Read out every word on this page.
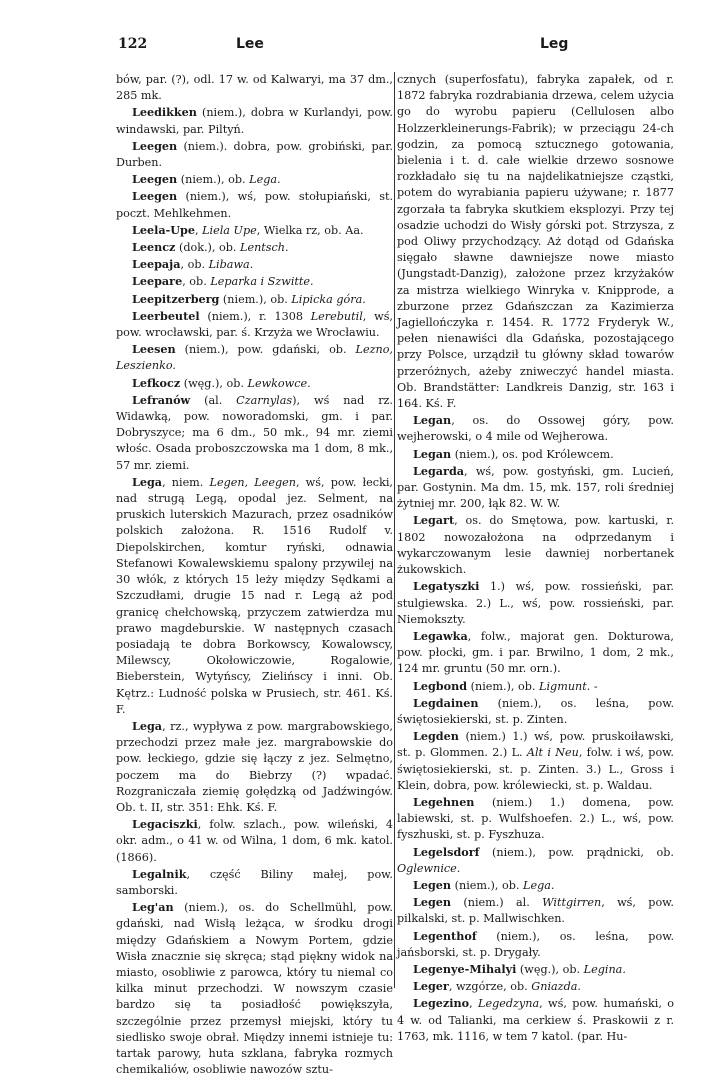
122	Lee	Leg

bów, par. (?), odl. 17 w. od Kalwaryi, ma 37 dm., 285 mk.

Leedikken (niem.), dobra w Kurlandyi, pow. windawski, par. Piltyń.

Leegen (niem.). dobra, pow. grobiński, par. Durben.

Leegen (niem.), ob. Lega.

Leegen (niem.), wś, pow. stołupiański, st. poczt. Mehlkehmen.

Leela-Upe, Liela Upe, Wielka rz, ob. Aa.

Leencz (dok.), ob. Lentsch.

Leepaja, ob. Libawa.

Leepare, ob. Leparka i Szwitte.

Leepitzerberg (niem.), ob. Lipicka góra.

Leerbeutel (niem.), r. 1308 Lerebutil, wś, pow. wrocławski, par. ś. Krzyża we Wrocławiu.

Leesen (niem.), pow. gdański, ob. Lezno, Leszienko.

Lefkocz (węg.), ob. Lewkowce.

Lefranów (al. Czarnylas), wś nad rz. Widawką, pow. noworadomski, gm. i par. Dobryszyce; ma 6 dm., 50 mk., 94 mr. ziemi włośc. Osada proboszczowska ma 1 dom, 8 mk., 57 mr. ziemi.

Lega, niem. Legen, Leegen, wś, pow. łecki, nad strugą Legą, opodal jez. Selment, na pruskich luterskich Mazurach, przez osadników polskich założona. R. 1516 Rudolf v. Diepolskirchen, komtur ryński, odnawia Stefanowi Kowalewskiemu spalony przywilej na 30 włók, z których 15 leży między Sędkami a Szczudłami, drugie 15 nad r. Legą aż pod granicę chełchowską, przyczem zatwierdza mu prawo magdeburskie. W następnych czasach posiadają te dobra Borkowscy, Kowalowscy, Milewscy, Okołowiczowie, Rogalowie, Bieberstein, Wytyńscy, Zielińscy i inni. Ob. Kętrz.: Ludność polska w Prusiech, str. 461. Kś. F.

Lega, rz., wypływa z pow. margrabowskiego, przechodzi przez małe jez. margrabowskie do pow. łeckiego, gdzie się łączy z jez. Selmętno, poczem ma do Biebrzy (?) wpadać. Rozgraniczała ziemię gołędzką od Jadźwingów. Ob. t. II, str. 351: Ehk. Kś. F.

Legaciszki, folw. szlach., pow. wileński, 4 okr. adm., o 41 w. od Wilna, 1 dom, 6 mk. katol. (1866).

Legalnik, część Biliny małej, pow. samborski.

Leg'an (niem.), os. do Schellmühl, pow. gdański, nad Wisłą leżąca, w środku drogi między Gdańskiem a Nowym Portem, gdzie Wisła znacznie się skręca; stąd piękny widok na miasto, osobliwie z parowca, który tu niemal co kilka minut przechodzi. W nowszym czasie bardzo się ta posiadłość powiększyła, szczególnie przez przemysł miejski, który tu siedlisko swoje obrał. Między innemi istnieje tu: tartak parowy, huta szklana, fabryka rozmych chemikaliów, osobliwie nawozów sztu-

cznych (superfosfatu), fabryka zapałek, od r. 1872 fabryka rozdrabiania drzewa, celem użycia go do wyrobu papieru (Cellulosen albo Holzzerkleinerungs-Fabrik); w przeciągu 24-ch godzin, za pomocą sztucznego gotowania, bielenia i t. d. całe wielkie drzewo sosnowe rozkładało się tu na najdelikatniejsze cząstki, potem do wyrabiania papieru używane; r. 1877 zgorzała ta fabryka skutkiem eksplozyi. Przy tej osadzie uchodzi do Wisły górski pot. Strzysza, z pod Oliwy przychodzący. Aż dotąd od Gdańska sięgało sławne dawniejsze nowe miasto (Jungstadt-Danzig), założone przez krzyżaków za mistrza wielkiego Winryka v. Knipprode, a zburzone przez Gdańszczan za Kazimierza Jagiellończyka r. 1454. R. 1772 Fryderyk W., pełen nienawiści dla Gdańska, pozostającego przy Polsce, urządził tu główny skład towarów przeróżnych, ażeby zniweczyć handel miasta. Ob. Brandstätter: Landkreis Danzig, str. 163 i 164. Kś. F.

Legan, os. do Ossowej góry, pow. wejherowski, o 4 mile od Wejherowa.

Legan (niem.), os. pod Królewcem.

Legarda, wś, pow. gostyński, gm. Lucień, par. Gostynin. Ma dm. 15, mk. 157, roli średniej żytniej mr. 200, łąk 82. W. W.

Legart, os. do Smętowa, pow. kartuski, r. 1802 nowozałożona na odprzedanym i wykarczowanym lesie dawniej norbertanek żukowskich.

Legatyszki 1.) wś, pow. rossieński, par. stulgiewska. 2.) L., wś, pow. rossieński, par. Niemokszty.

Legawka, folw., majorat gen. Dokturowa, pow. płocki, gm. i par. Brwilno, 1 dom, 2 mk., 124 mr. gruntu (50 mr. orn.).

Legbond (niem.), ob. Ligmunt. -

Legdainen (niem.), os. leśna, pow. świętosiekierski, st. p. Zinten.

Legden (niem.) 1.) wś, pow. pruskoiławski, st. p. Glommen. 2.) L. Alt i Neu, folw. i wś, pow. świętosiekierski, st. p. Zinten. 3.) L., Gross i Klein, dobra, pow. królewiecki, st. p. Waldau.

Legehnen (niem.) 1.) domena, pow. labiewski, st. p. Wulfshoefen. 2.) L., wś, pow. fyszhuski, st. p. Fyszhuza.

Legelsdorf (niem.), pow. prądnicki, ob. Oglewnice.

Legen (niem.), ob. Lega.

Legen (niem.) al. Wittgirren, wś, pow. pilkalski, st. p. Mallwischken.

Legenthof (niem.), os. leśna, pow. jańsborski, st. p. Drygały.

Legenye-Mihalyi (węg.), ob. Legina.

Leger, wzgórze, ob. Gniazda.

Legezino, Legedzyna, wś, pow. humański, o 4 w. od Talianki, ma cerkiew ś. Praskowii z r. 1763, mk. 1116, w tem 7 katol. (par. Hu-
